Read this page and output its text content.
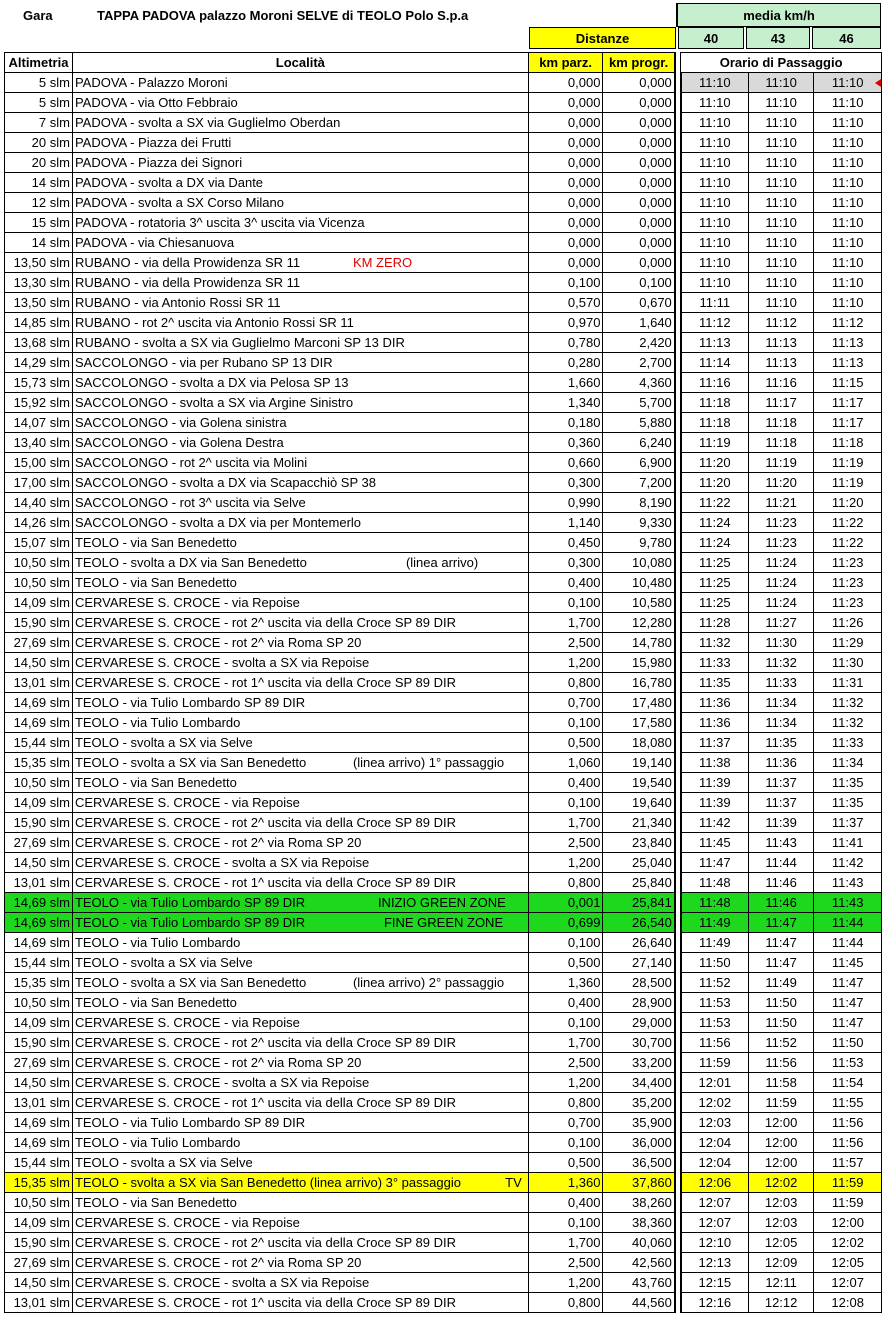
Gara	TAPPA PADOVA palazzo Moroni SELVE di TEOLO Polo S.p.a	media km/h
Distanze	40	43	46
Altimetria	Località	km parz.	km progr.		Orario di Passaggio		
5 slm	PADOVA - Palazzo Moroni	0,000	0,000		11:10	11:10	11:10

5 slm	PADOVA - via Otto Febbraio	0,000	0,000		11:10	11:10	11:10
7 slm	PADOVA - svolta a SX via Guglielmo Oberdan	0,000	0,000		11:10	11:10	11:10
20 slm	PADOVA - Piazza dei Frutti	0,000	0,000		11:10	11:10	11:10
20 slm	PADOVA - Piazza dei Signori	0,000	0,000		11:10	11:10	11:10
14 slm	PADOVA - svolta a DX via Dante	0,000	0,000		11:10	11:10	11:10
12 slm	PADOVA - svolta a SX Corso Milano	0,000	0,000		11:10	11:10	11:10
15 slm	PADOVA - rotatoria 3^ uscita 3^ uscita via Vicenza	0,000	0,000		11:10	11:10	11:10
14 slm	PADOVA - via Chiesanuova	0,000	0,000		11:10	11:10	11:10
13,50 slm	RUBANO - via della Prowidenza SR 11 KM ZERO	0,000	0,000		11:10	11:10	11:10
13,30 slm	RUBANO - via della Prowidenza SR 11	0,100	0,100		11:10	11:10	11:10
13,50 slm	RUBANO - via Antonio Rossi SR 11	0,570	0,670		11:11	11:10	11:10
14,85 slm	RUBANO - rot 2^ uscita via Antonio Rossi SR 11	0,970	1,640		11:12	11:12	11:12
13,68 slm	RUBANO - svolta a SX via Guglielmo Marconi SP 13 DIR	0,780	2,420		11:13	11:13	11:13
14,29 slm	SACCOLONGO - via per Rubano SP 13 DIR	0,280	2,700		11:14	11:13	11:13
15,73 slm	SACCOLONGO - svolta a DX via Pelosa SP 13	1,660	4,360		11:16	11:16	11:15
15,92 slm	SACCOLONGO - svolta a SX via Argine Sinistro	1,340	5,700		11:18	11:17	11:17
14,07 slm	SACCOLONGO - via Golena sinistra	0,180	5,880		11:18	11:18	11:17
13,40 slm	SACCOLONGO - via Golena Destra	0,360	6,240		11:19	11:18	11:18
15,00 slm	SACCOLONGO - rot 2^ uscita via Molini	0,660	6,900		11:20	11:19	11:19
17,00 slm	SACCOLONGO - svolta a DX via Scapacchiò SP 38	0,300	7,200		11:20	11:20	11:19
14,40 slm	SACCOLONGO - rot 3^ uscita via Selve	0,990	8,190		11:22	11:21	11:20
14,26 slm	SACCOLONGO - svolta a DX via per Montemerlo	1,140	9,330		11:24	11:23	11:22
15,07 slm	TEOLO - via San Benedetto	0,450	9,780		11:24	11:23	11:22
10,50 slm	TEOLO - svolta a DX via San Benedetto (linea arrivo)	0,300	10,080		11:25	11:24	11:23
10,50 slm	TEOLO - via San Benedetto	0,400	10,480		11:25	11:24	11:23
14,09 slm	CERVARESE S. CROCE - via Repoise	0,100	10,580		11:25	11:24	11:23
15,90 slm	CERVARESE S. CROCE - rot 2^ uscita via della Croce SP 89 DIR	1,700	12,280		11:28	11:27	11:26
27,69 slm	CERVARESE S. CROCE - rot 2^ via Roma SP 20	2,500	14,780		11:32	11:30	11:29
14,50 slm	CERVARESE S. CROCE - svolta a SX via Repoise	1,200	15,980		11:33	11:32	11:30
13,01 slm	CERVARESE S. CROCE - rot 1^ uscita via della Croce SP 89 DIR	0,800	16,780		11:35	11:33	11:31
14,69 slm	TEOLO - via Tulio Lombardo SP 89 DIR	0,700	17,480		11:36	11:34	11:32
14,69 slm	TEOLO - via Tulio Lombardo	0,100	17,580		11:36	11:34	11:32
15,44 slm	TEOLO - svolta a SX via Selve	0,500	18,080		11:37	11:35	11:33
15,35 slm	TEOLO - svolta a SX via San Benedetto (linea arrivo) 1° passaggio	1,060	19,140		11:38	11:36	11:34
10,50 slm	TEOLO - via San Benedetto	0,400	19,540		11:39	11:37	11:35
14,09 slm	CERVARESE S. CROCE - via Repoise	0,100	19,640		11:39	11:37	11:35
15,90 slm	CERVARESE S. CROCE - rot 2^ uscita via della Croce SP 89 DIR	1,700	21,340		11:42	11:39	11:37
27,69 slm	CERVARESE S. CROCE - rot 2^ via Roma SP 20	2,500	23,840		11:45	11:43	11:41
14,50 slm	CERVARESE S. CROCE - svolta a SX via Repoise	1,200	25,040		11:47	11:44	11:42
13,01 slm	CERVARESE S. CROCE - rot 1^ uscita via della Croce SP 89 DIR	0,800	25,840		11:48	11:46	11:43
14,69 slm	TEOLO - via Tulio Lombardo SP 89 DIR INIZIO GREEN ZONE	0,001	25,841		11:48	11:46	11:43
14,69 slm	TEOLO - via Tulio Lombardo SP 89 DIR FINE GREEN ZONE	0,699	26,540		11:49	11:47	11:44
14,69 slm	TEOLO - via Tulio Lombardo	0,100	26,640		11:49	11:47	11:44
15,44 slm	TEOLO - svolta a SX via Selve	0,500	27,140		11:50	11:47	11:45
15,35 slm	TEOLO - svolta a SX via San Benedetto (linea arrivo) 2° passaggio	1,360	28,500		11:52	11:49	11:47
10,50 slm	TEOLO - via San Benedetto	0,400	28,900		11:53	11:50	11:47
14,09 slm	CERVARESE S. CROCE - via Repoise	0,100	29,000		11:53	11:50	11:47
15,90 slm	CERVARESE S. CROCE - rot 2^ uscita via della Croce SP 89 DIR	1,700	30,700		11:56	11:52	11:50
27,69 slm	CERVARESE S. CROCE - rot 2^ via Roma SP 20	2,500	33,200		11:59	11:56	11:53
14,50 slm	CERVARESE S. CROCE - svolta a SX via Repoise	1,200	34,400		12:01	11:58	11:54
13,01 slm	CERVARESE S. CROCE - rot 1^ uscita via della Croce SP 89 DIR	0,800	35,200		12:02	11:59	11:55
14,69 slm	TEOLO - via Tulio Lombardo SP 89 DIR	0,700	35,900		12:03	12:00	11:56
14,69 slm	TEOLO - via Tulio Lombardo	0,100	36,000		12:04	12:00	11:56
15,44 slm	TEOLO - svolta a SX via Selve	0,500	36,500		12:04	12:00	11:57
15,35 slm	TEOLO - svolta a SX via San Benedetto (linea arrivo) 3° passaggio TV	1,360	37,860		12:06	12:02	11:59
10,50 slm	TEOLO - via San Benedetto	0,400	38,260		12:07	12:03	11:59
14,09 slm	CERVARESE S. CROCE - via Repoise	0,100	38,360		12:07	12:03	12:00
15,90 slm	CERVARESE S. CROCE - rot 2^ uscita via della Croce SP 89 DIR	1,700	40,060		12:10	12:05	12:02
27,69 slm	CERVARESE S. CROCE - rot 2^ via Roma SP 20	2,500	42,560		12:13	12:09	12:05
14,50 slm	CERVARESE S. CROCE - svolta a SX via Repoise	1,200	43,760		12:15	12:11	12:07
13,01 slm	CERVARESE S. CROCE - rot 1^ uscita via della Croce SP 89 DIR	0,800	44,560		12:16	12:12	12:08
